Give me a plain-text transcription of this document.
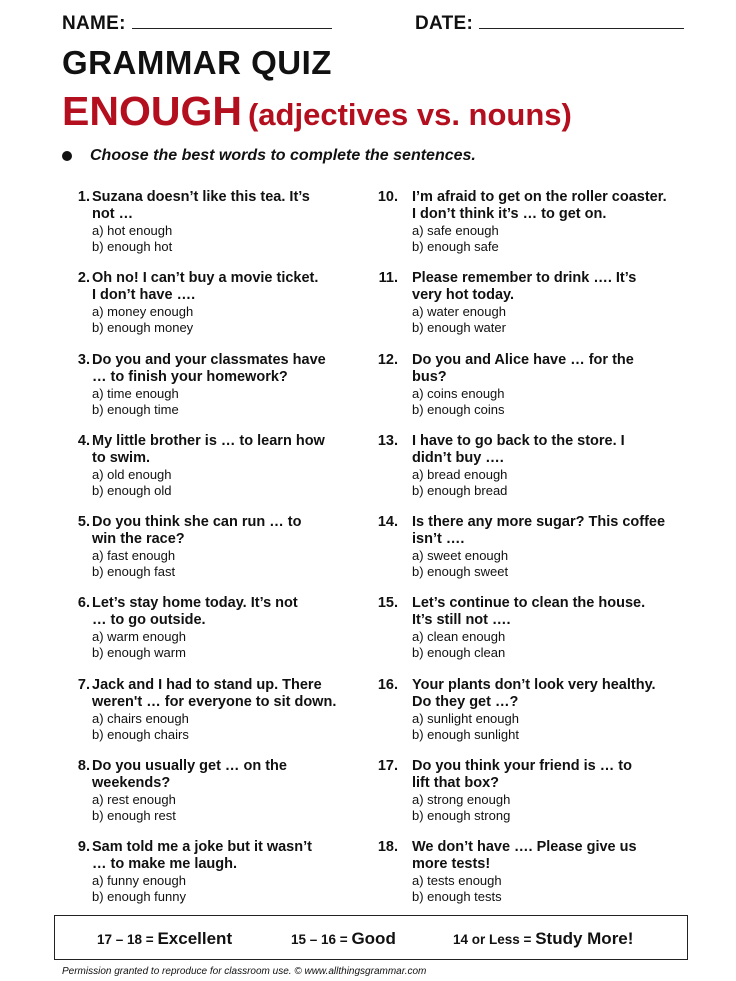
NAME:	DATE:
GRAMMAR QUIZ
ENOUGH (adjectives vs. nouns)
Choose the best words to complete the sentences.
1. Suzana doesn’t like this tea. It’s
not …
a) hot enough
b) enough hot
2. Oh no! I can’t buy a movie ticket.
I don’t have ….
a) money enough
b) enough money
3. Do you and your classmates have
… to finish your homework?
a) time enough
b) enough time
4. My little brother is … to learn how
to swim.
a) old enough
b) enough old
5. Do you think she can run … to
win the race?
a) fast enough
b) enough fast
6. Let’s stay home today. It’s not
… to go outside.
a) warm enough
b) enough warm
7. Jack and I had to stand up. There
weren't … for everyone to sit down.
a) chairs enough
b) enough chairs
8. Do you usually get … on the
weekends?
a) rest enough
b) enough rest
9. Sam told me a joke but it wasn’t
… to make me laugh.
a) funny enough
b) enough funny
10. I’m afraid to get on the roller coaster.
I don’t think it’s … to get on.
a) safe enough
b) enough safe
11. Please remember to drink …. It’s
very hot today.
a) water enough
b) enough water
12. Do you and Alice have … for the
bus?
a) coins enough
b) enough coins
13. I have to go back to the store. I
didn’t buy ….
a) bread enough
b) enough bread
14. Is there any more sugar? This coffee
isn’t ….
a) sweet enough
b) enough sweet
15. Let’s continue to clean the house.
It’s still not ….
a) clean enough
b) enough clean
16. Your plants don’t look very healthy.
Do they get …?
a) sunlight enough
b) enough sunlight
17. Do you think your friend is … to
lift that box?
a) strong enough
b) enough strong
18. We don’t have …. Please give us
more tests!
a) tests enough
b) enough tests
17 – 18 = Excellent	15 – 16 = Good	14 or Less = Study More!
Permission granted to reproduce for classroom use. © www.allthingsgrammar.com
